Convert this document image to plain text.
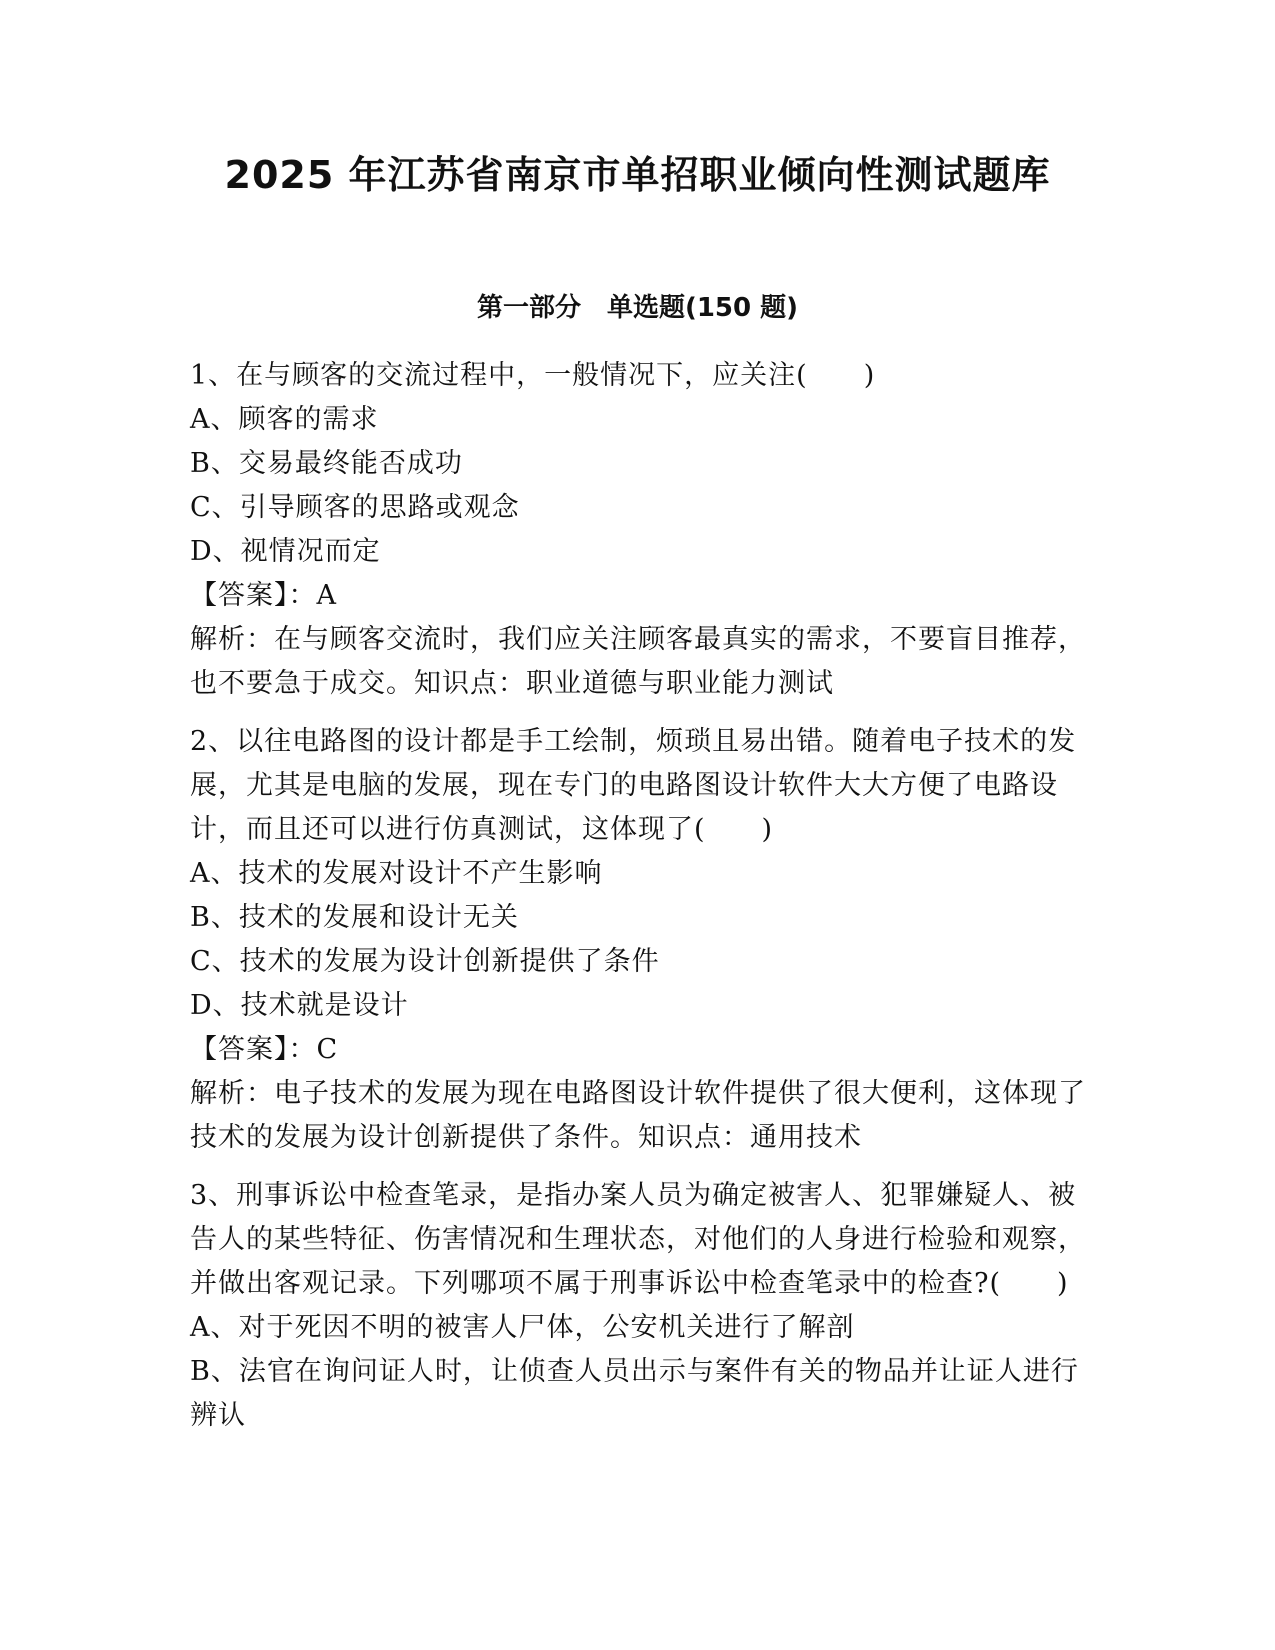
2025 年江苏省南京市单招职业倾向性测试题库
第一部分　单选题(150 题)
1、在与顾客的交流过程中，一般情况下，应关注(　　)
A、顾客的需求
B、交易最终能否成功
C、引导顾客的思路或观念
D、视情况而定
【答案】：A
解析：在与顾客交流时，我们应关注顾客最真实的需求，不要盲目推荐，也不要急于成交。知识点：职业道德与职业能力测试
2、以往电路图的设计都是手工绘制，烦琐且易出错。随着电子技术的发展，尤其是电脑的发展，现在专门的电路图设计软件大大方便了电路设计，而且还可以进行仿真测试，这体现了(　　)
A、技术的发展对设计不产生影响
B、技术的发展和设计无关
C、技术的发展为设计创新提供了条件
D、技术就是设计
【答案】：C
解析：电子技术的发展为现在电路图设计软件提供了很大便利，这体现了技术的发展为设计创新提供了条件。知识点：通用技术
3、刑事诉讼中检查笔录，是指办案人员为确定被害人、犯罪嫌疑人、被告人的某些特征、伤害情况和生理状态，对他们的人身进行检验和观察，并做出客观记录。下列哪项不属于刑事诉讼中检查笔录中的检查?(　　)
A、对于死因不明的被害人尸体，公安机关进行了解剖
B、法官在询问证人时，让侦查人员出示与案件有关的物品并让证人进行辨认
